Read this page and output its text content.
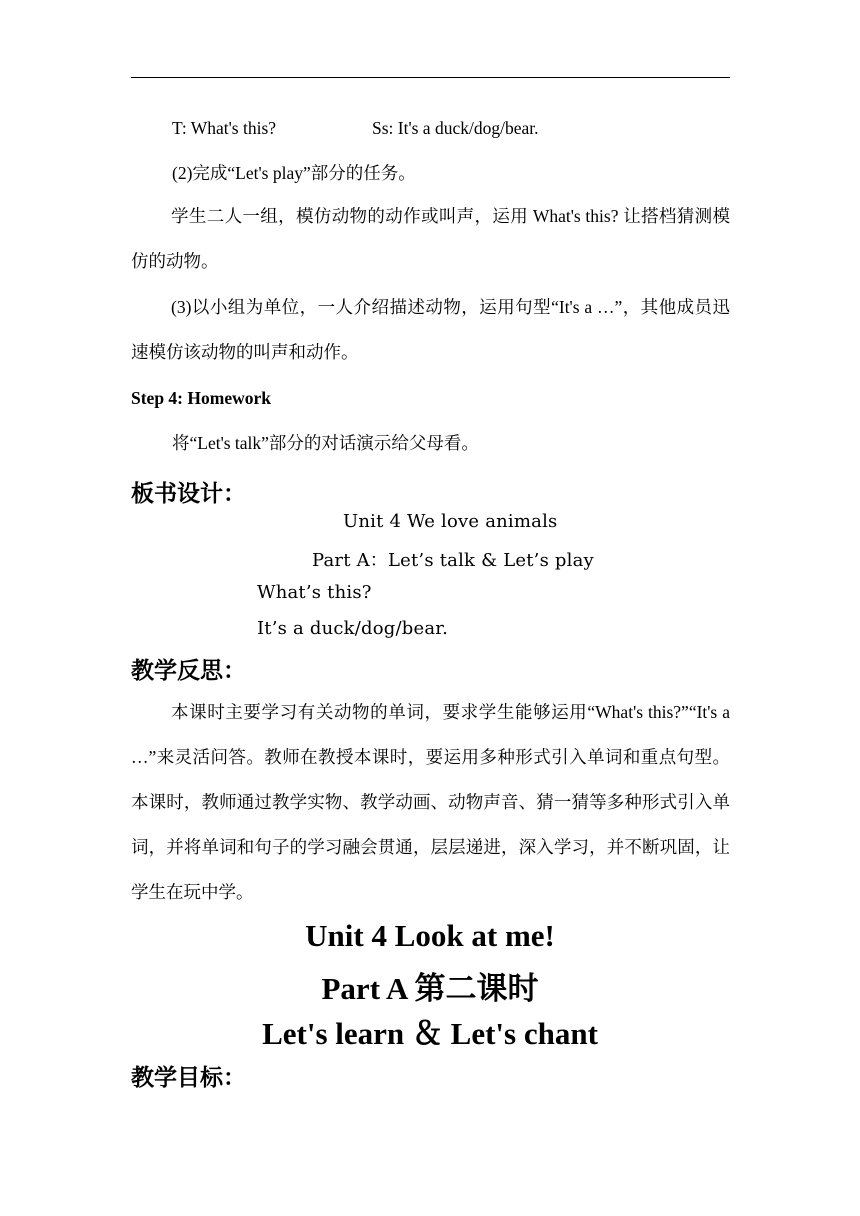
T: What's this?	Ss: It's a duck/dog/bear.
(2)完成“Let's play”部分的任务。
学生二人一组，模仿动物的动作或叫声，运用 What's this? 让搭档猜测模仿的动物。
(3)以小组为单位，一人介绍描述动物，运用句型“It's a …”，其他成员迅速模仿该动物的叫声和动作。
Step 4: Homework
将“Let's talk”部分的对话演示给父母看。
板书设计：
Unit 4 We love animals
Part A：Let’s talk & Let’s play
What’s this?
It’s a duck/dog/bear.
教学反思：
本课时主要学习有关动物的单词，要求学生能够运用“What's this?”“It's a …”来灵活问答。教师在教授本课时，要运用多种形式引入单词和重点句型。本课时，教师通过教学实物、教学动画、动物声音、猜一猜等多种形式引入单词，并将单词和句子的学习融会贯通，层层递进，深入学习，并不断巩固，让学生在玩中学。
Unit 4 Look at me!
Part A 第二课时
Let's learn ＆ Let's chant
教学目标：
